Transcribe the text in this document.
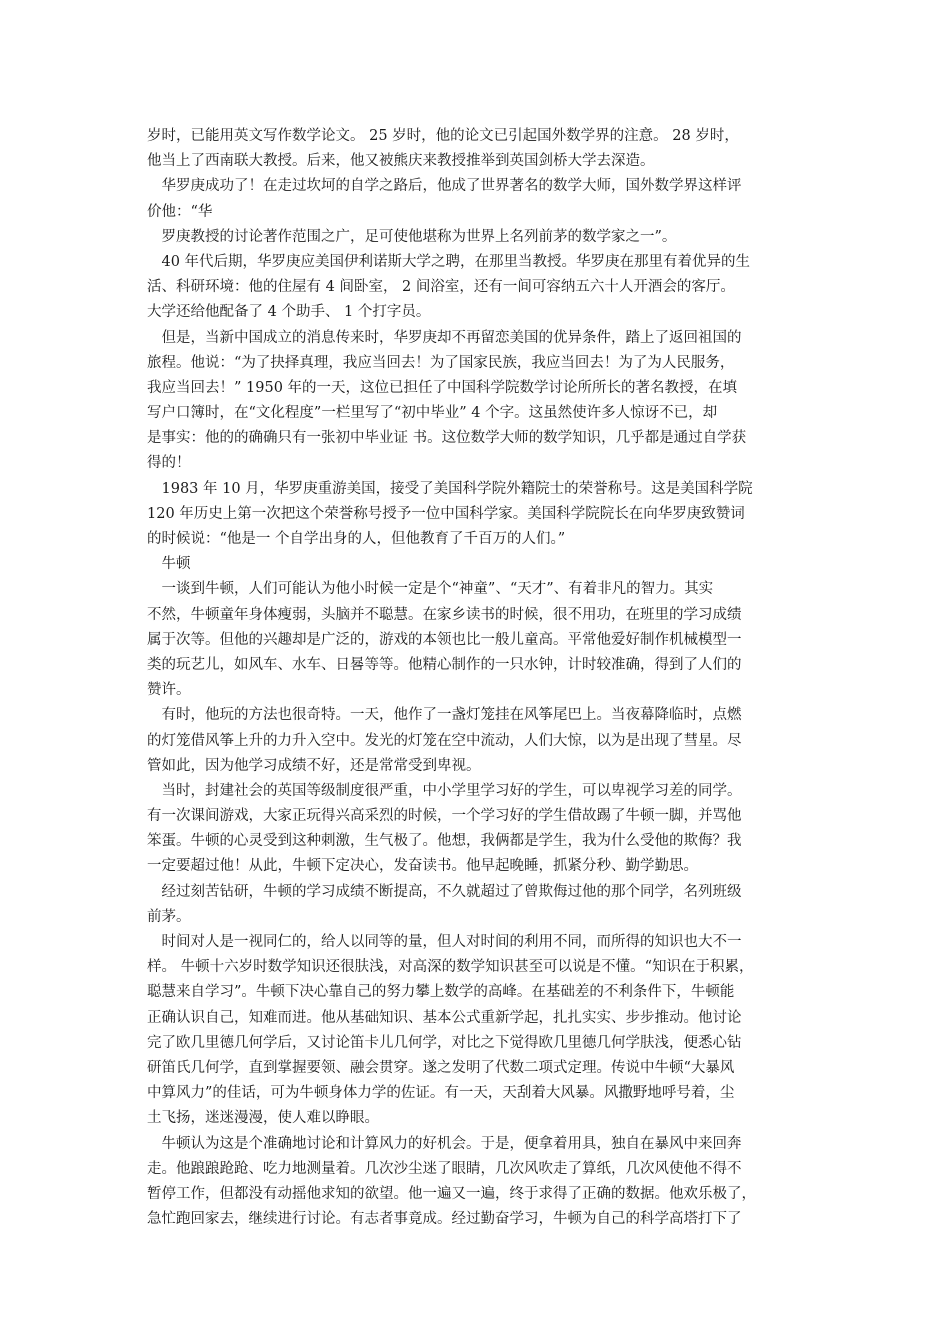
岁时，已能用英文写作数学论文。 25 岁时，他的论文已引起国外数学界的注意。 28 岁时，
他当上了西南联大教授。后来，他又被熊庆来教授推举到英国剑桥大学去深造。
　华罗庚成功了！在走过坎坷的自学之路后，他成了世界著名的数学大师，国外数学界这样评
价他：“华
　罗庚教授的讨论著作范围之广，足可使他堪称为世界上名列前茅的数学家之一”。
　40 年代后期，华罗庚应美国伊利诺斯大学之聘，在那里当教授。华罗庚在那里有着优异的生
活、科研环境：他的住屋有 4 间卧室， 2 间浴室，还有一间可容纳五六十人开酒会的客厅。
大学还给他配备了 4 个助手、 1 个打字员。
　但是，当新中国成立的消息传来时，华罗庚却不再留恋美国的优异条件，踏上了返回祖国的
旅程。他说：“为了抉择真理，我应当回去！为了国家民族，我应当回去！为了为人民服务，
我应当回去！” 1950 年的一天，这位已担任了中国科学院数学讨论所所长的著名教授，在填
写户口簿时，在“文化程度”一栏里写了“初中毕业” 4 个字。这虽然使许多人惊讶不已，却
是事实：他的的确确只有一张初中毕业证 书。这位数学大师的数学知识，几乎都是通过自学获
得的！
　1983 年 10 月，华罗庚重游美国，接受了美国科学院外籍院士的荣誉称号。这是美国科学院
120 年历史上第一次把这个荣誉称号授予一位中国科学家。美国科学院院长在向华罗庚致赞词
的时候说：“他是一 个自学出身的人，但他教育了千百万的人们。”
　牛顿
　一谈到牛顿，人们可能认为他小时候一定是个“神童”、“天才”、有着非凡的智力。其实
不然，牛顿童年身体瘦弱，头脑并不聪慧。在家乡读书的时候，很不用功，在班里的学习成绩
属于次等。但他的兴趣却是广泛的，游戏的本领也比一般儿童高。平常他爱好制作机械模型一
类的玩艺儿，如风车、水车、日晷等等。他精心制作的一只水钟，计时较准确，得到了人们的
赞许。
　有时，他玩的方法也很奇特。一天，他作了一盏灯笼挂在风筝尾巴上。当夜幕降临时，点燃
的灯笼借风筝上升的力升入空中。发光的灯笼在空中流动，人们大惊，以为是出现了彗星。尽
管如此，因为他学习成绩不好，还是常常受到卑视。
　当时，封建社会的英国等级制度很严重，中小学里学习好的学生，可以卑视学习差的同学。
有一次课间游戏，大家正玩得兴高采烈的时候，一个学习好的学生借故踢了牛顿一脚，并骂他
笨蛋。牛顿的心灵受到这种刺激，生气极了。他想，我俩都是学生，我为什么受他的欺侮？我
一定要超过他！从此，牛顿下定决心，发奋读书。他早起晚睡，抓紧分秒、勤学勤思。
　经过刻苦钻研，牛顿的学习成绩不断提高，不久就超过了曾欺侮过他的那个同学，名列班级
前茅。
　时间对人是一视同仁的，给人以同等的量，但人对时间的利用不同，而所得的知识也大不一
样。 牛顿十六岁时数学知识还很肤浅，对高深的数学知识甚至可以说是不懂。“知识在于积累，
聪慧来自学习”。牛顿下决心靠自己的努力攀上数学的高峰。在基础差的不利条件下，牛顿能
正确认识自己，知难而进。他从基础知识、基本公式重新学起，扎扎实实、步步推动。他讨论
完了欧几里德几何学后，又讨论笛卡儿几何学，对比之下觉得欧几里德几何学肤浅，便悉心钻
研笛氏几何学，直到掌握要领、融会贯穿。遂之发明了代数二项式定理。传说中牛顿“大暴风
中算风力”的佳话，可为牛顿身体力学的佐证。有一天，天刮着大风暴。风撒野地呼号着，尘
土飞扬，迷迷漫漫，使人难以睁眼。
　牛顿认为这是个准确地讨论和计算风力的好机会。于是，便拿着用具，独自在暴风中来回奔
走。他踉踉跄跄、吃力地测量着。几次沙尘迷了眼睛，几次风吹走了算纸，几次风使他不得不
暂停工作，但都没有动摇他求知的欲望。他一遍又一遍，终于求得了正确的数据。他欢乐极了，
急忙跑回家去，继续进行讨论。有志者事竟成。经过勤奋学习，牛顿为自己的科学高塔打下了
